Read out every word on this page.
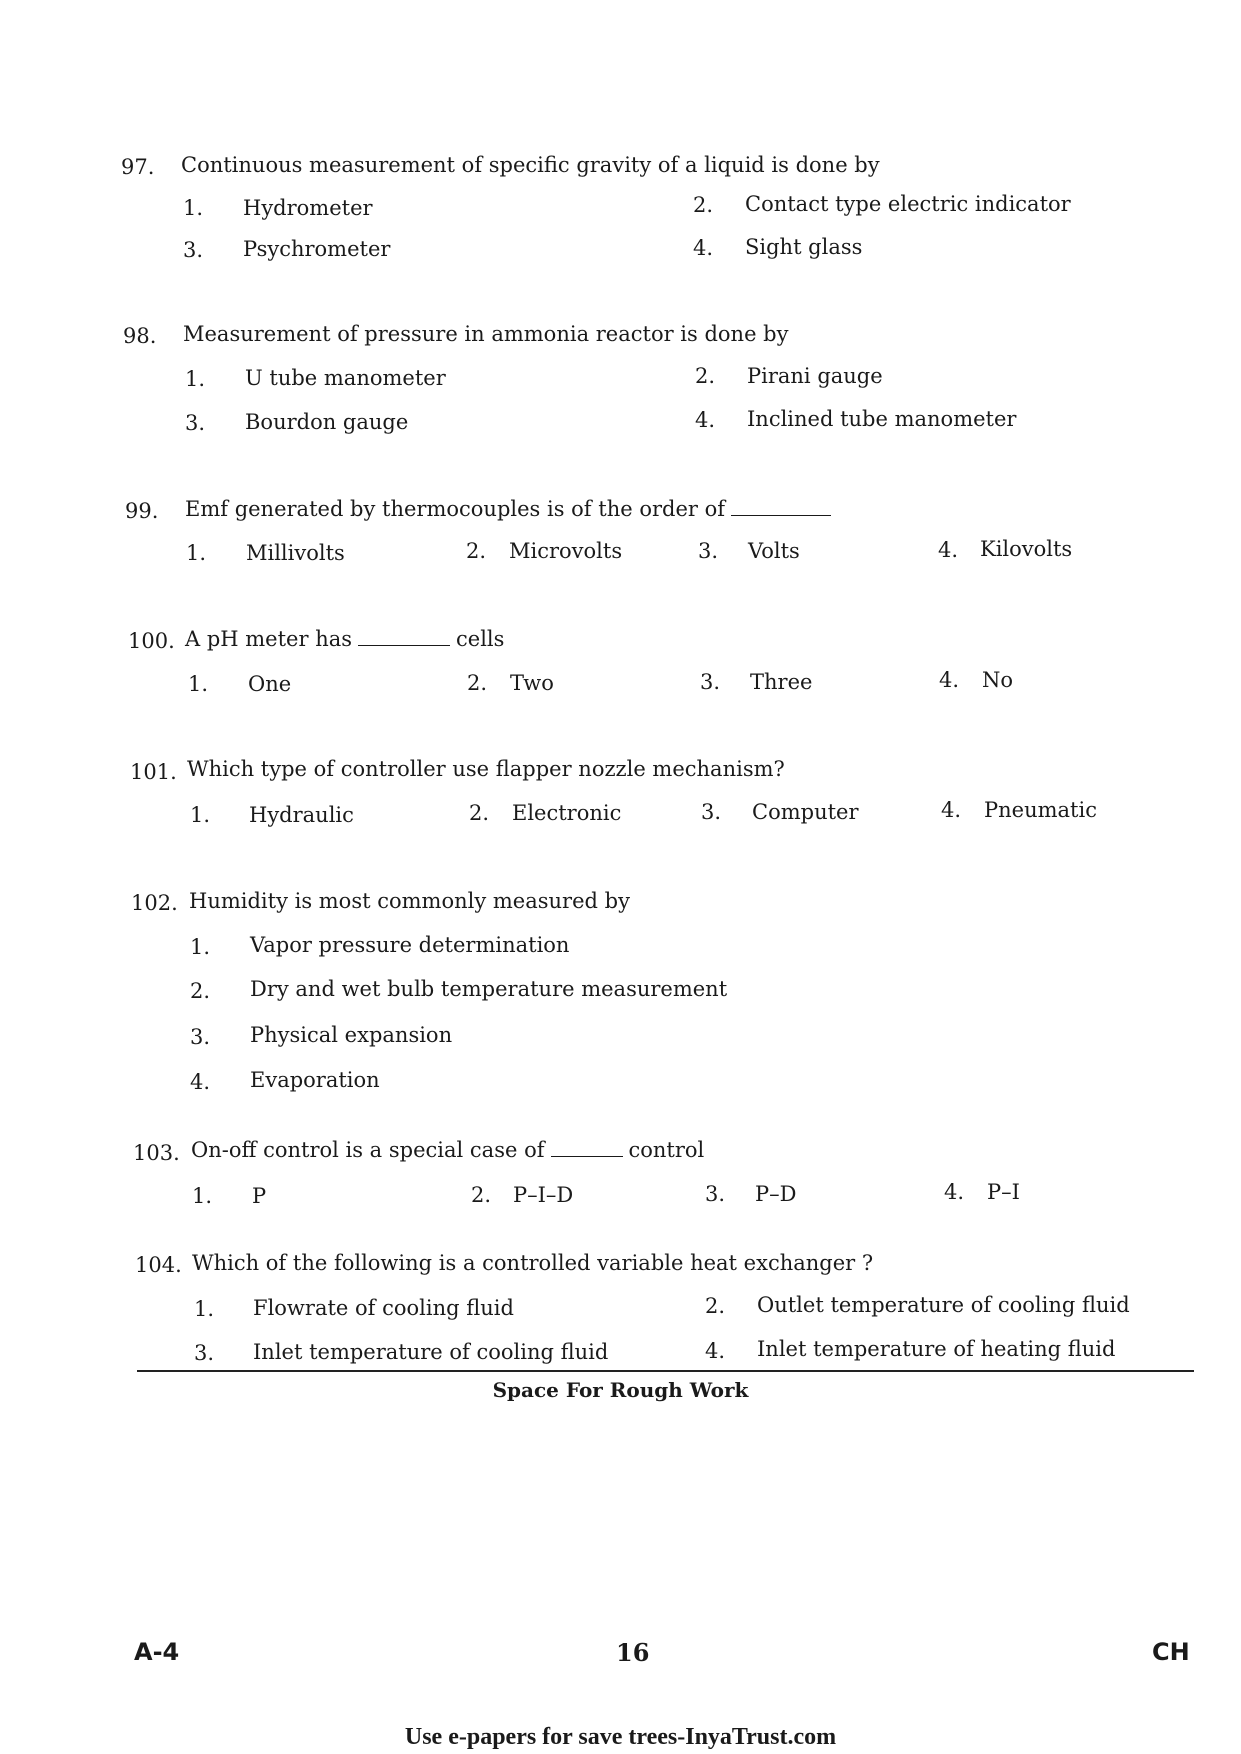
97. Continuous measurement of specific gravity of a liquid is done by
1. Hydrometer	2. Contact type electric indicator
3. Psychrometer	4. Sight glass
98. Measurement of pressure in ammonia reactor is done by
1. U tube manometer	2. Pirani gauge
3. Bourdon gauge	4. Inclined tube manometer
99. Emf generated by thermocouples is of the order of
1. Millivolts	2. Microvolts	3. Volts	4. Kilovolts
100. A pH meter has	cells
1. One	2. Two	3. Three	4. No
101. Which type of controller use flapper nozzle mechanism?
1. Hydraulic	2. Electronic	3. Computer	4. Pneumatic
102. Humidity is most commonly measured by
1. Vapor pressure determination
2. Dry and wet bulb temperature measurement
3. Physical expansion
4. Evaporation
103. On-off control is a special case of	control
1. P	2. P–I–D	3. P–D	4. P–I
104. Which of the following is a controlled variable heat exchanger ?
1. Flowrate of cooling fluid	2. Outlet temperature of cooling fluid
3. Inlet temperature of cooling fluid	4. Inlet temperature of heating fluid
Space For Rough Work
A-4	16	CH
Use e-papers for save trees-InyaTrust.com
